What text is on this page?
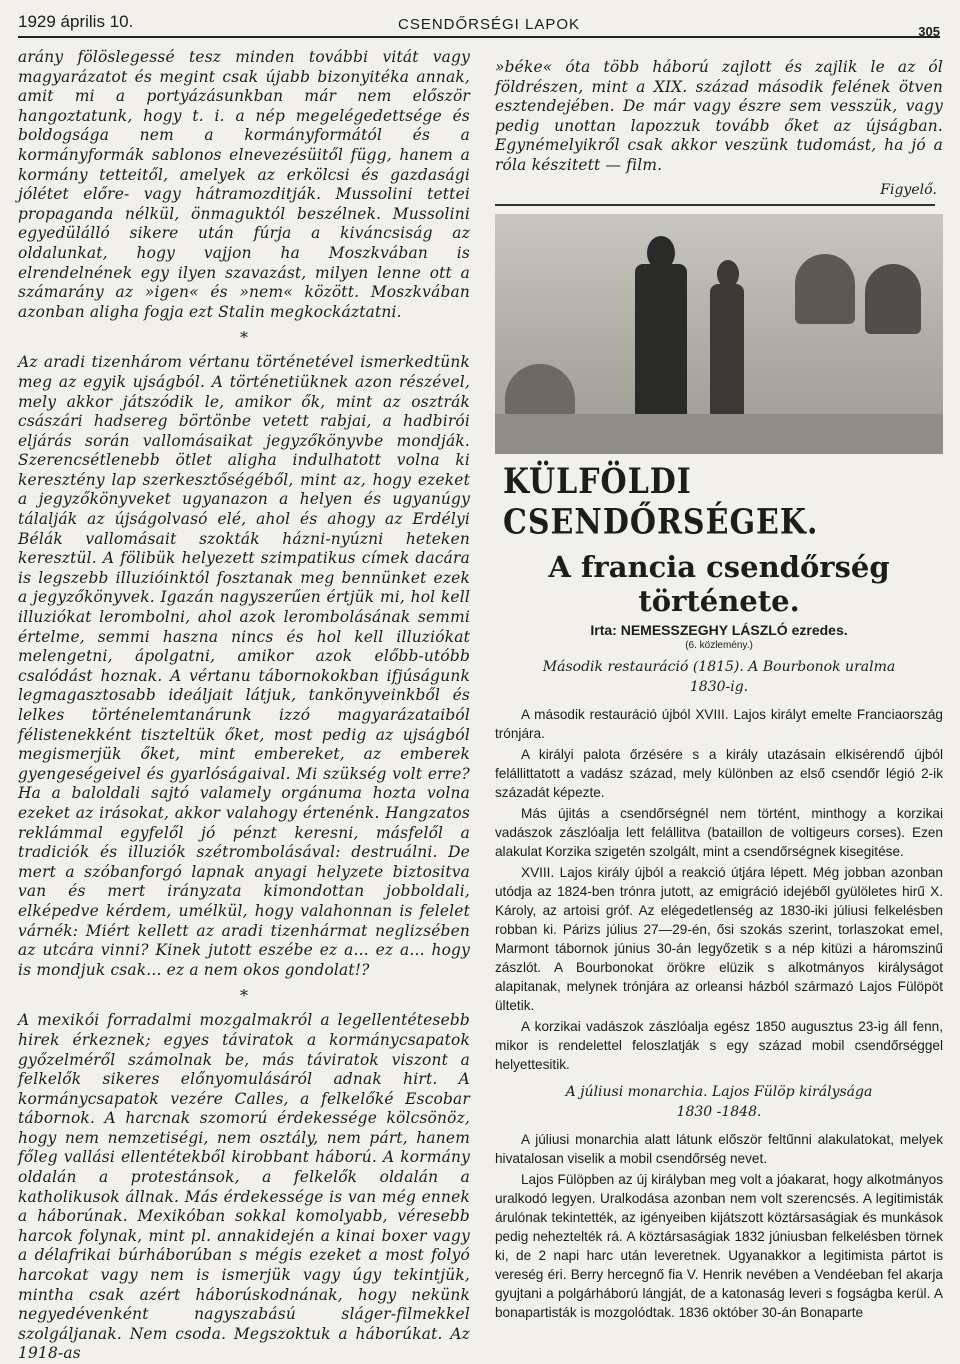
1929 április 10.	CSENDŐRSÉGI LAPOK	305

arány fölöslegessé tesz minden további vitát vagy magyarázatot és megint csak újabb bizonyitéka annak, amit mi a portyázásunkban már nem először hangoztatunk, hogy t. i. a nép megelégedettsége és boldogsága nem a kormányformától és a kormányformák sablonos elnevezésüitől függ, hanem a kormány tetteitől, amelyek az erkölcsi és gazdasági jólétet előre- vagy hátramozditják. Mussolini tettei propaganda nélkül, önmaguktól beszélnek. Mussolini egyedülálló sikere után fúrja a kiváncsiság az oldalunkat, hogy vajjon ha Moszkvában is elrendelnének egy ilyen szavazást, milyen lenne ott a számarány az »igen« és »nem« között. Moszkvában azonban aligha fogja ezt Stalin megkockáztatni.

*

Az aradi tizenhárom vértanu történetével ismerkedtünk meg az egyik ujságból. A történetiüknek azon részével, mely akkor játszódik le, amikor ők, mint az osztrák császári hadsereg börtönbe vetett rabjai, a hadbirói eljárás során vallomásaikat jegyzőkönyvbe mondják. Szerencsétlenebb ötlet aligha indulhatott volna ki keresztény lap szerkesztőségéből, mint az, hogy ezeket a jegyzőkönyveket ugyanazon a helyen és ugyanúgy tálalják az újságolvasó elé, ahol és ahogy az Erdélyi Bélák vallomásait szokták házni-nyúzni heteken keresztül. A fölibük helyezett szimpatikus címek dacára is legszebb illuzióinktól fosztanak meg bennünket ezek a jegyzőkönyvek. Igazán nagyszerűen értjük mi, hol kell illuziókat lerombolni, ahol azok lerombolásának semmi értelme, semmi haszna nincs és hol kell illuziókat melengetni, ápolgatni, amikor azok előbb-utóbb csalódást hoznak. A vértanu tábornokokban ifjúságunk legmagasztosabb ideáljait látjuk, tankönyveinkből és lelkes történelemtanárunk izzó magyarázataiból félistenekként tiszteltük őket, most pedig az ujságból megismerjük őket, mint embereket, az emberek gyengeségeivel és gyarlóságaival. Mi szükség volt erre? Ha a baloldali sajtó valamely orgánuma hozta volna ezeket az irásokat, akkor valahogy értenénk. Hangzatos reklámmal egyfelől jó pénzt keresni, másfelől a tradiciók és illuziók szétrombolásával: destruálni. De mert a szóbanforgó lapnak anyagi helyzete biztositva van és mert irányzata kimondottan jobboldali, elképedve kérdem, umélkül, hogy valahonnan is felelet várnék: Miért kellett az aradi tizenhármat neglizsében az utcára vinni? Kinek jutott eszébe ez a... ez a... hogy is mondjuk csak... ez a nem okos gondolat!?

*

A mexikói forradalmi mozgalmakról a legellentétesebb hirek érkeznek; egyes táviratok a kormánycsapatok győzelméről számolnak be, más táviratok viszont a felkelők sikeres előnyomulásáról adnak hirt. A kormánycsapatok vezére Calles, a felkelőké Escobar tábornok. A harcnak szomorú érdekessége kölcsönöz, hogy nem nemzetiségi, nem osztály, nem párt, hanem főleg vallási ellentétekből kirobbant háború. A kormány oldalán a protestánsok, a felkelők oldalán a katholikusok állnak. Más érdekessége is van még ennek a háborúnak. Mexikóban sokkal komolyabb, véresebb harcok folynak, mint pl. annakidején a kinai boxer vagy a délafrikai búrháborúban s mégis ezeket a most folyó harcokat vagy nem is ismerjük vagy úgy tekintjük, mintha csak azért háborúskodnának, hogy nekünk negyedévenként nagyszabású sláger-filmekkel szolgáljanak. Nem csoda. Megszoktuk a háborúkat. Az 1918-as

»béke« óta több háború zajlott és zajlik le az ól földrészen, mint a XIX. század második felének ötven esztendejében. De már vagy észre sem vesszük, vagy pedig unottan lapozzuk tovább őket az újságban. Egynémelyikről csak akkor veszünk tudomást, ha jó a róla készitett — film.

Figyelő.
KÜLFÖLDI CSENDŐRSÉGEK.
A francia csendőrség
története.
Irta: NEMESSZEGHY LÁSZLÓ ezredes.
(6. közlemény.)
Második restauráció (1815). A Bourbonok uralma
1830-ig.

A második restauráció újból XVIII. Lajos királyt emelte Franciaország trónjára.

A királyi palota őrzésére s a király utazásain elkisérendő újból felállittatott a vadász század, mely különben az első csendőr légió 2-ik századát képezte.

Más újitás a csendőrségnél nem történt, minthogy a korzikai vadászok zászlóalja lett felállitva (bataillon de voltigeurs corses). Ezen alakulat Korzika szigetén szolgált, mint a csendőrségnek kisegitése.

XVIII. Lajos király újból a reakció útjára lépett. Még jobban azonban utódja az 1824-ben trónra jutott, az emigráció idejéből gyülöletes hirű X. Károly, az artoisi gróf. Az elégedetlenség az 1830-iki júliusi felkelésben robban ki. Párizs július 27—29-én, ősi szokás szerint, torlaszokat emel, Marmont tábornok június 30-án legyőzetik s a nép kitüzi a háromszinű zászlót. A Bourbonokat örökre elüzik s alkotmányos királyságot alapitanak, melynek trónjára az orleansi házból származó Lajos Fülöpöt ültetik.

A korzikai vadászok zászlóalja egész 1850 augusztus 23-ig áll fenn, mikor is rendelettel feloszlatják s egy század mobil csendőrséggel helyettesitik.

A júliusi monarchia. Lajos Fülöp királysága
1830 -1848.

A júliusi monarchia alatt látunk először feltűnni alakulatokat, melyek hivatalosan viselik a mobil csendőrség nevet.

Lajos Fülöpben az új királyban meg volt a jóakarat, hogy alkotmányos uralkodó legyen. Uralkodása azonban nem volt szerencsés. A legitimisták árulónak tekintették, az igényeiben kijátszott köztársaságiak és munkások pedig neheztelték rá. A köztársaságiak 1832 júniusban felkelésben törnek ki, de 2 napi harc után leveretnek. Ugyanakkor a legitimista pártot is vereség éri. Berry hercegnő fia V. Henrik nevében a Vendéeban fel akarja gyujtani a polgárháború lángját, de a katonaság leveri s fogságba kerül. A bonapartisták is mozgolódtak. 1836 október 30-án Bonaparte
